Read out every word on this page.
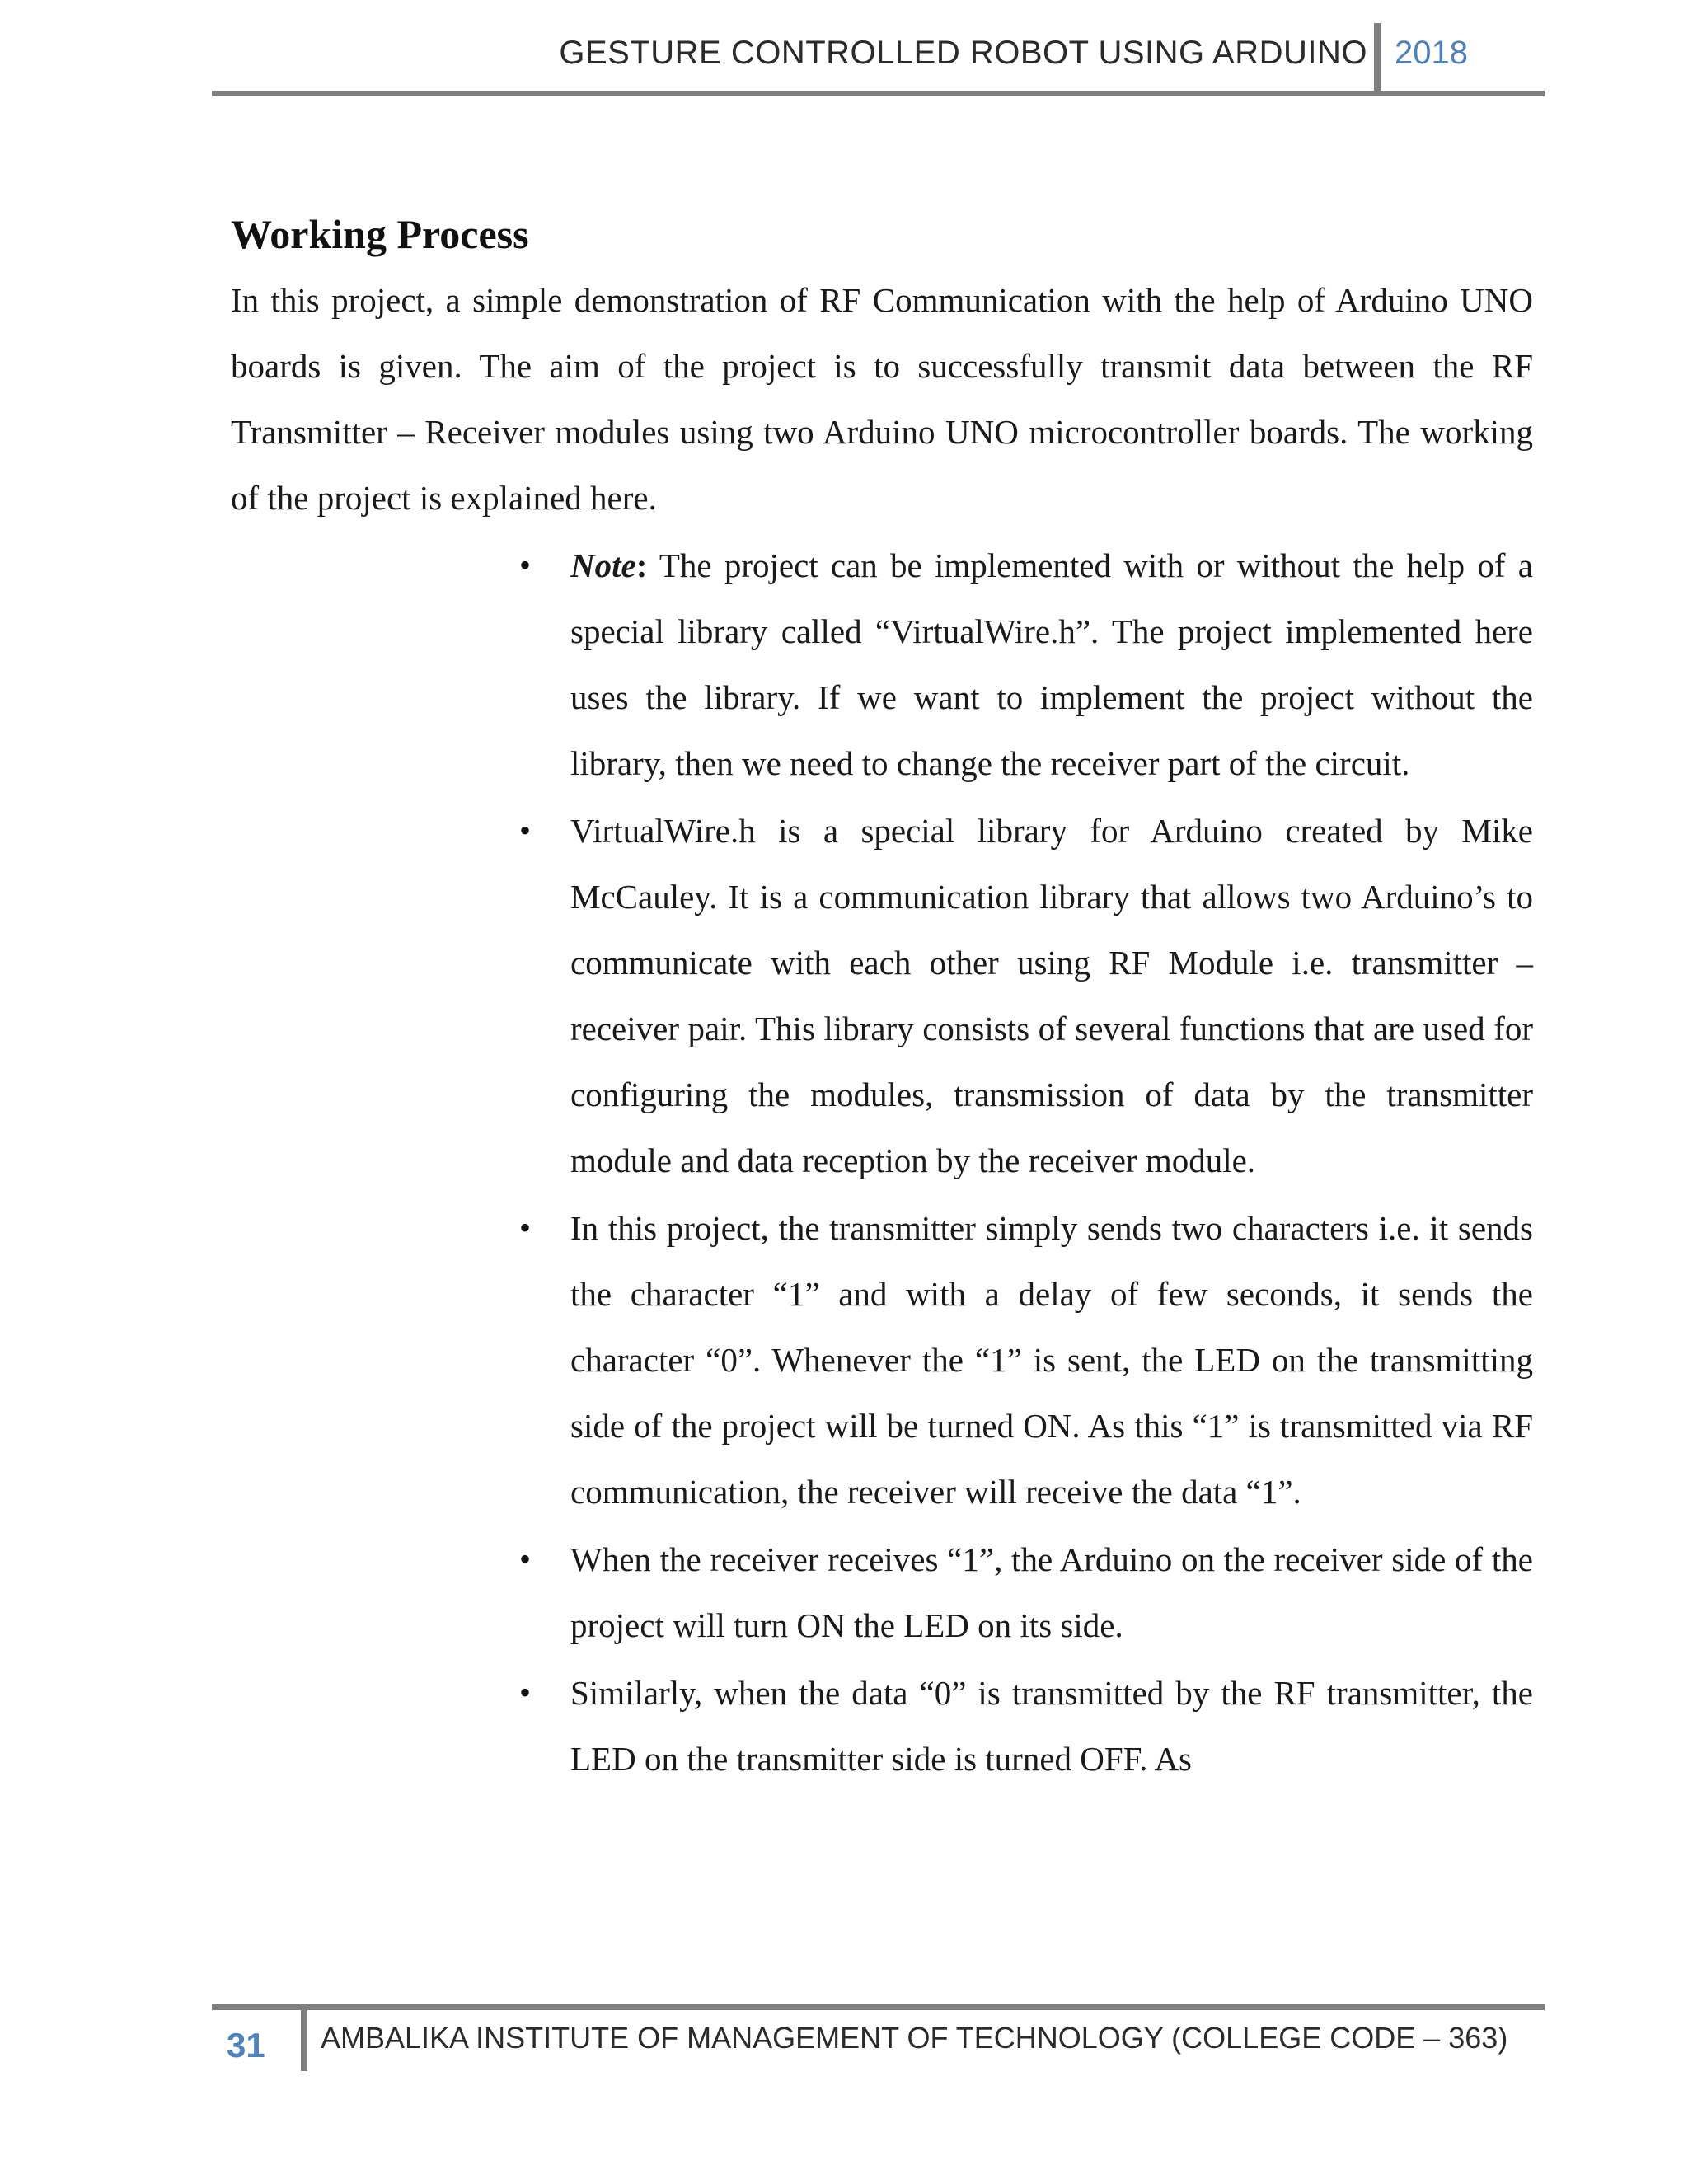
GESTURE CONTROLLED ROBOT USING ARDUINO 2018
Working Process

In this project, a simple demonstration of RF Communication with the help of Arduino UNO boards is given. The aim of the project is to successfully transmit data between the RF Transmitter – Receiver modules using two Arduino UNO microcontroller boards. The working of the project is explained here.

• Note: The project can be implemented with or without the help of a special library called “VirtualWire.h”. The project implemented here uses the library. If we want to implement the project without the library, then we need to change the receiver part of the circuit.
• VirtualWire.h is a special library for Arduino created by Mike McCauley. It is a communication library that allows two Arduino’s to communicate with each other using RF Module i.e. transmitter – receiver pair. This library consists of several functions that are used for configuring the modules, transmission of data by the transmitter module and data reception by the receiver module.
• In this project, the transmitter simply sends two characters i.e. it sends the character “1” and with a delay of few seconds, it sends the character “0”. Whenever the “1” is sent, the LED on the transmitting side of the project will be turned ON. As this “1” is transmitted via RF communication, the receiver will receive the data “1”.
• When the receiver receives “1”, the Arduino on the receiver side of the project will turn ON the LED on its side.
• Similarly, when the data “0” is transmitted by the RF transmitter, the LED on the transmitter side is turned OFF. As
31 AMBALIKA INSTITUTE OF MANAGEMENT OF TECHNOLOGY (COLLEGE CODE – 363)
